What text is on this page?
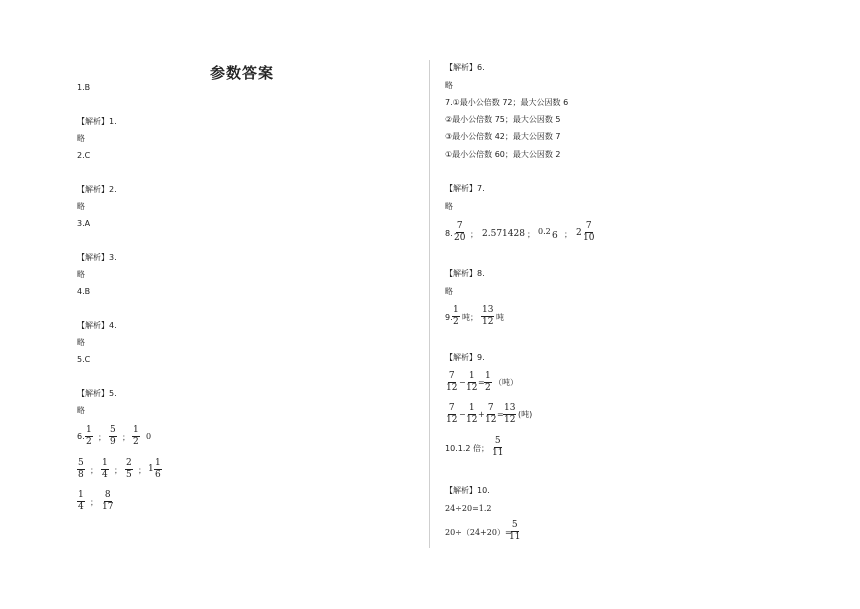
参数答案
1.B
【解析】1.
略
2.C
【解析】2.
略
3.A
【解析】3.
略
4.B
【解析】4.
略
5.C
【解析】5.
略
6. $\frac{1}{2}$ ； $\frac{5}{9}$ ； $\frac{1}{2} 0$
$\frac{5}{8}$ ； $\frac{1}{4}$ ； $\frac{2}{5}$ ； $1 \frac{1}{6}$
$\frac{1}{4}$ ； $\frac{8}{17}$
【解析】6.
略
7.①最小公倍数 72；最大公因数 6
②最小公倍数 75；最大公因数 5
③最小公倍数 42；最大公因数 7
①最小公倍数 60；最大公因数 2
【解析】7.
略
8. $\frac{7}{20}$ ； 2.571428 ； 0.2 6 ； $2 \frac{7}{10}$
【解析】8.
略
9. $\frac{1}{2}$ 吨； $\frac{13}{12}$ 吨
【解析】9.
$\frac{7}{12} - \frac{1}{12} = \frac{1}{2}$ （吨）
$\frac{7}{12} - \frac{1}{12} + \frac{7}{12} = \frac{13}{12}$ (吨)
10.1.2 倍； $\frac{5}{11}$
【解析】10.
24÷20=1.2
20÷（24+20）=
$\frac{5}{11}$
